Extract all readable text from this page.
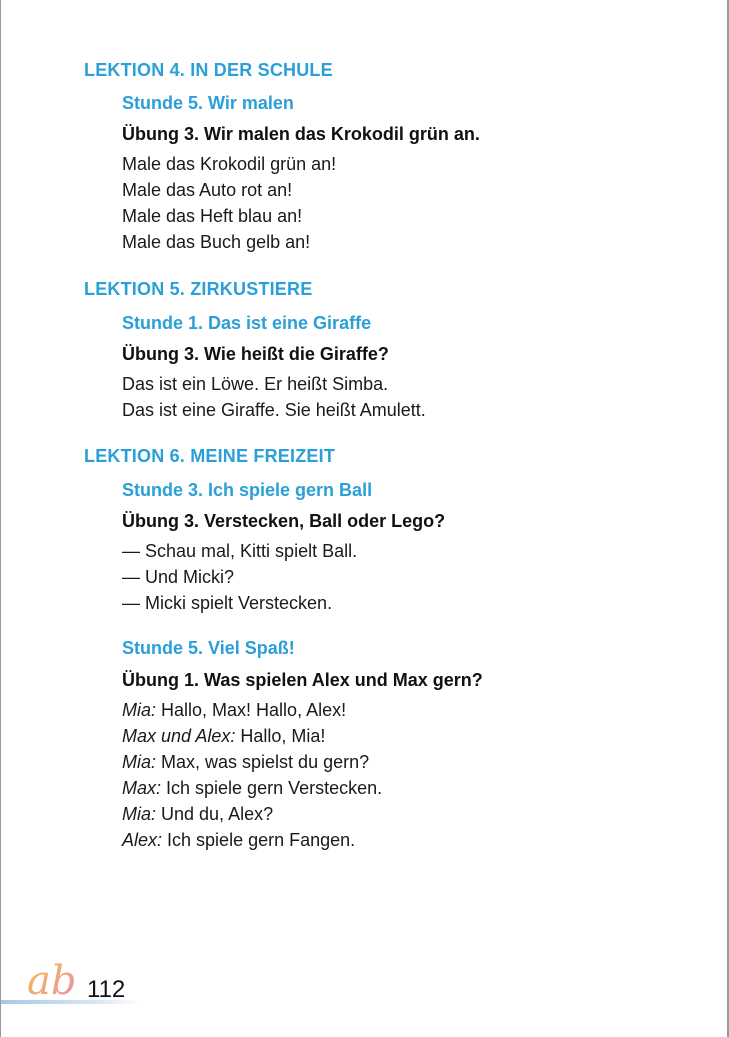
LEKTION 4. IN DER SCHULE
Stunde 5. Wir malen
Übung 3. Wir malen das Krokodil grün an.
Male das Krokodil grün an!
Male das Auto rot an!
Male das Heft blau an!
Male das Buch gelb an!
LEKTION 5. ZIRKUSTIERE
Stunde 1. Das ist eine Giraffe
Übung 3. Wie heißt die Giraffe?
Das ist ein Löwe. Er heißt Simba.
Das ist eine Giraffe. Sie heißt Amulett.
LEKTION 6. MEINE FREIZEIT
Stunde 3. Ich spiele gern Ball
Übung 3. Verstecken, Ball oder Lego?
— Schau mal, Kitti spielt Ball.
— Und Micki?
— Micki spielt Verstecken.
Stunde 5. Viel Spaß!
Übung 1. Was spielen Alex und Max gern?
Mia: Hallo, Max! Hallo, Alex!
Max und Alex: Hallo, Mia!
Mia: Max, was spielst du gern?
Max: Ich spiele gern Verstecken.
Mia: Und du, Alex?
Alex: Ich spiele gern Fangen.
ab 112
